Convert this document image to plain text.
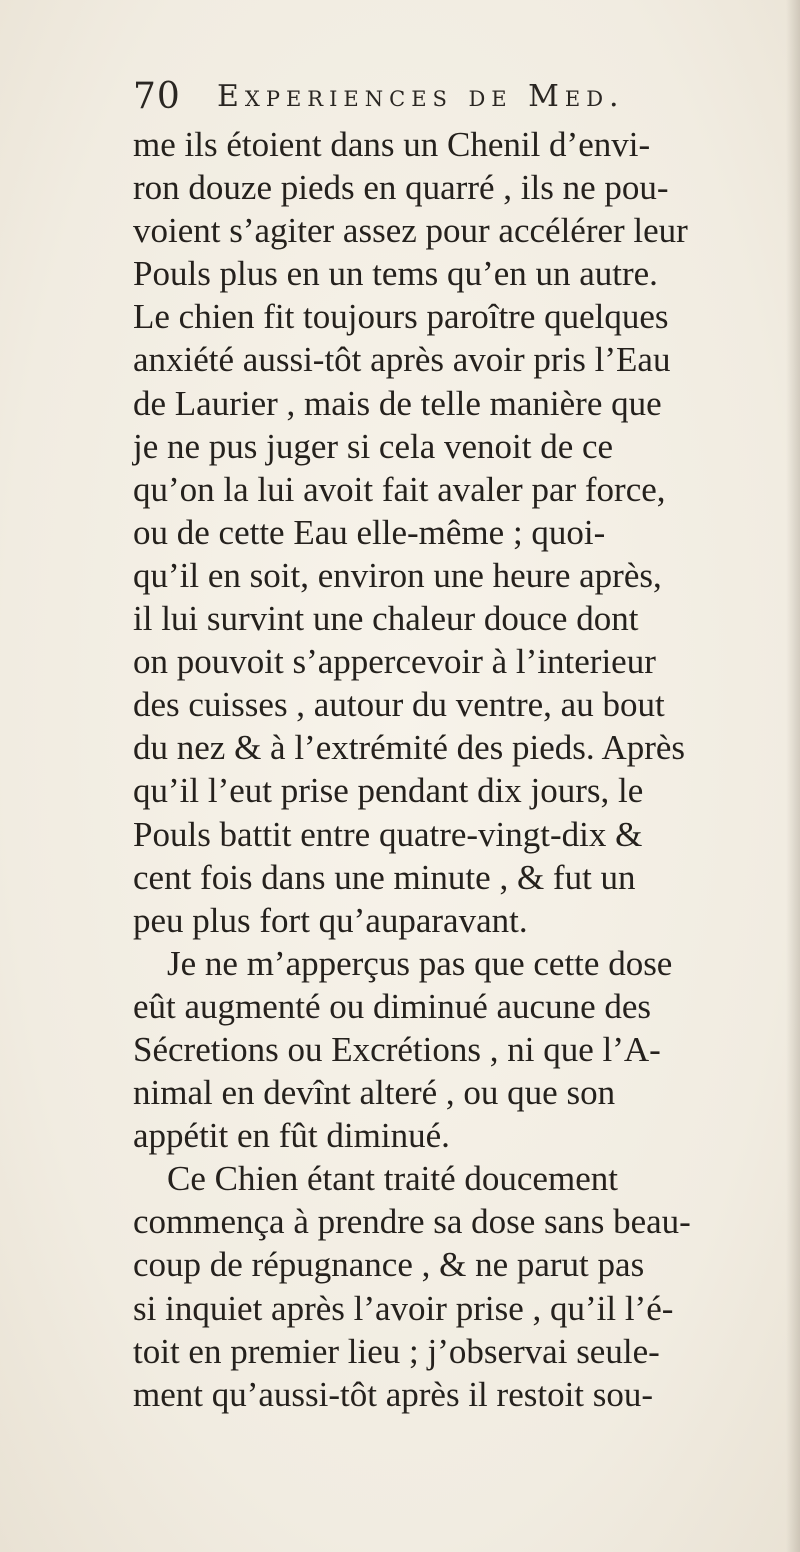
70 Experiences de Med.
me ils étoient dans un Chenil d’envi-
ron douze pieds en quarré , ils ne pou-
voient s’agiter assez pour accélérer leur
Pouls plus en un tems qu’en un autre.
Le chien fit toujours paroître quelques
anxiété aussi-tôt après avoir pris l’Eau
de Laurier , mais de telle manière que
je ne pus juger si cela venoit de ce
qu’on la lui avoit fait avaler par force,
ou de cette Eau elle-même ; quoi-
qu’il en soit, environ une heure après,
il lui survint une chaleur douce dont
on pouvoit s’appercevoir à l’interieur
des cuisses , autour du ventre, au bout
du nez & à l’extrémité des pieds. Après
qu’il l’eut prise pendant dix jours, le
Pouls battit entre quatre-vingt-dix &
cent fois dans une minute , & fut un
peu plus fort qu’auparavant.
Je ne m’apperçus pas que cette dose
eût augmenté ou diminué aucune des
Sécretions ou Excrétions , ni que l’A-
nimal en devînt alteré , ou que son
appétit en fût diminué.
Ce Chien étant traité doucement
commença à prendre sa dose sans beau-
coup de répugnance , & ne parut pas
si inquiet après l’avoir prise , qu’il l’é-
toit en premier lieu ; j’observai seule-
ment qu’aussi-tôt après il restoit sou-
